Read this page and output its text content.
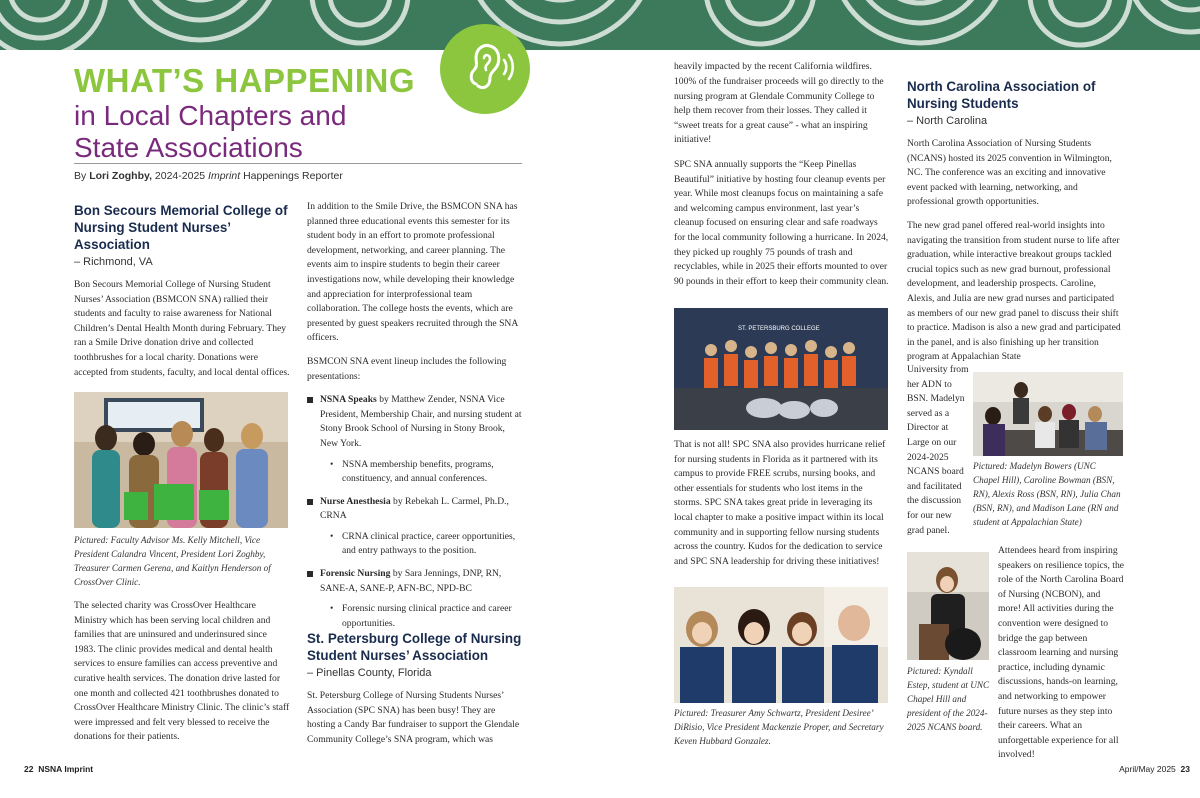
WHAT’S HAPPENING
in Local Chapters and
State Associations
By Lori Zoghby, 2024-2025 Imprint Happenings Reporter
Bon Secours Memorial College of Nursing Student Nurses’ Association
– Richmond, VA

Bon Secours Memorial College of Nursing Student Nurses’ Association (BSMCON SNA) rallied their students and faculty to raise awareness for National Children’s Dental Health Month during February. They ran a Smile Drive donation drive and collected toothbrushes for a local charity. Donations were accepted from students, faculty, and local dental offices.

Pictured: Faculty Advisor Ms. Kelly Mitchell, Vice President Calandra Vincent, President Lori Zoghby, Treasurer Carmen Gerena, and Kaitlyn Henderson of CrossOver Clinic.

The selected charity was CrossOver Healthcare Ministry which has been serving local children and families that are uninsured and underinsured since 1983. The clinic provides medical and dental health services to ensure families can access preventive and curative health services. The donation drive lasted for one month and collected 421 toothbrushes donated to CrossOver Healthcare Ministry Clinic. The clinic’s staff were impressed and felt very blessed to receive the donations for their patients.

In addition to the Smile Drive, the BSMCON SNA has planned three educational events this semester for its student body in an effort to promote professional development, networking, and career planning. The events aim to inspire students to begin their career investigations now, while developing their knowledge and appreciation for interprofessional team collaboration. The college hosts the events, which are presented by guest speakers recruited through the SNA officers.

BSMCON SNA event lineup includes the following presentations:

NSNA Speaks by Matthew Zender, NSNA Vice President, Membership Chair, and nursing student at Stony Brook School of Nursing in Stony Brook, New York.
• NSNA membership benefits, programs, constituency, and annual conferences.
Nurse Anesthesia by Rebekah L. Carmel, Ph.D., CRNA
• CRNA clinical practice, career opportunities, and entry pathways to the position.
Forensic Nursing by Sara Jennings, DNP, RN, SANE-A, SANE-P, AFN-BC, NPD-BC
• Forensic nursing clinical practice and career opportunities.
St. Petersburg College of Nursing Student Nurses’ Association
– Pinellas County, Florida

St. Petersburg College of Nursing Students Nurses’ Association (SPC SNA) has been busy! They are hosting a Candy Bar fundraiser to support the Glendale Community College’s SNA program, which was

heavily impacted by the recent California wildfires. 100% of the fundraiser proceeds will go directly to the nursing program at Glendale Community College to help them recover from their losses. They called it “sweet treats for a great cause” - what an inspiring initiative!

SPC SNA annually supports the “Keep Pinellas Beautiful” initiative by hosting four cleanup events per year. While most cleanups focus on maintaining a safe and welcoming campus environment, last year’s cleanup focused on ensuring clear and safe roadways for the local community following a hurricane. In 2024, they picked up roughly 75 pounds of trash and recyclables, while in 2025 their efforts mounted to over 90 pounds in their effort to keep their community clean.

ST. PETERSBURG COLLEGE

That is not all! SPC SNA also provides hurricane relief for nursing students in Florida as it partnered with its campus to provide FREE scrubs, nursing books, and other essentials for students who lost items in the storms. SPC SNA takes great pride in leveraging its local chapter to make a positive impact within its local community and in supporting fellow nursing students across the country. Kudos for the dedication to service and SPC SNA leadership for driving these initiatives!

Pictured: Treasurer Amy Schwartz, President Desiree’ DiRisio, Vice President Mackenzie Proper, and Secretary Keven Hubbard Gonzalez.

North Carolina Association of Nursing Students
– North Carolina

North Carolina Association of Nursing Students (NCANS) hosted its 2025 convention in Wilmington, NC. The conference was an exciting and innovative event packed with learning, networking, and professional growth opportunities.

The new grad panel offered real-world insights into navigating the transition from student nurse to life after graduation, while interactive breakout groups tackled crucial topics such as new grad burnout, professional development, and leadership prospects. Caroline, Alexis, and Julia are new grad nurses and participated as members of our new grad panel to discuss their shift to practice. Madison is also a new grad and participated in the panel, and is also finishing up her transition program at Appalachian State

University from her ADN to BSN. Madelyn served as a Director at Large on our 2024-2025 NCANS board and facilitated the discussion for our new grad panel.

Pictured: Madelyn Bowers (UNC Chapel Hill), Caroline Bowman (BSN, RN), Alexis Ross (BSN, RN), Julia Chan (BSN, RN), and Madison Lane (RN and student at Appalachian State)

Pictured: Kyndall Estep, student at UNC Chapel Hill and president of the 2024-2025 NCANS board.

Attendees heard from inspiring speakers on resilience topics, the role of the North Carolina Board of Nursing (NCBON), and more! All activities during the convention were designed to bridge the gap between classroom learning and nursing practice, including dynamic discussions, hands-on learning, and networking to empower future nurses as they step into their careers. What an unforgettable experience for all involved!

22 NSNA Imprint	April/May 2025 23
